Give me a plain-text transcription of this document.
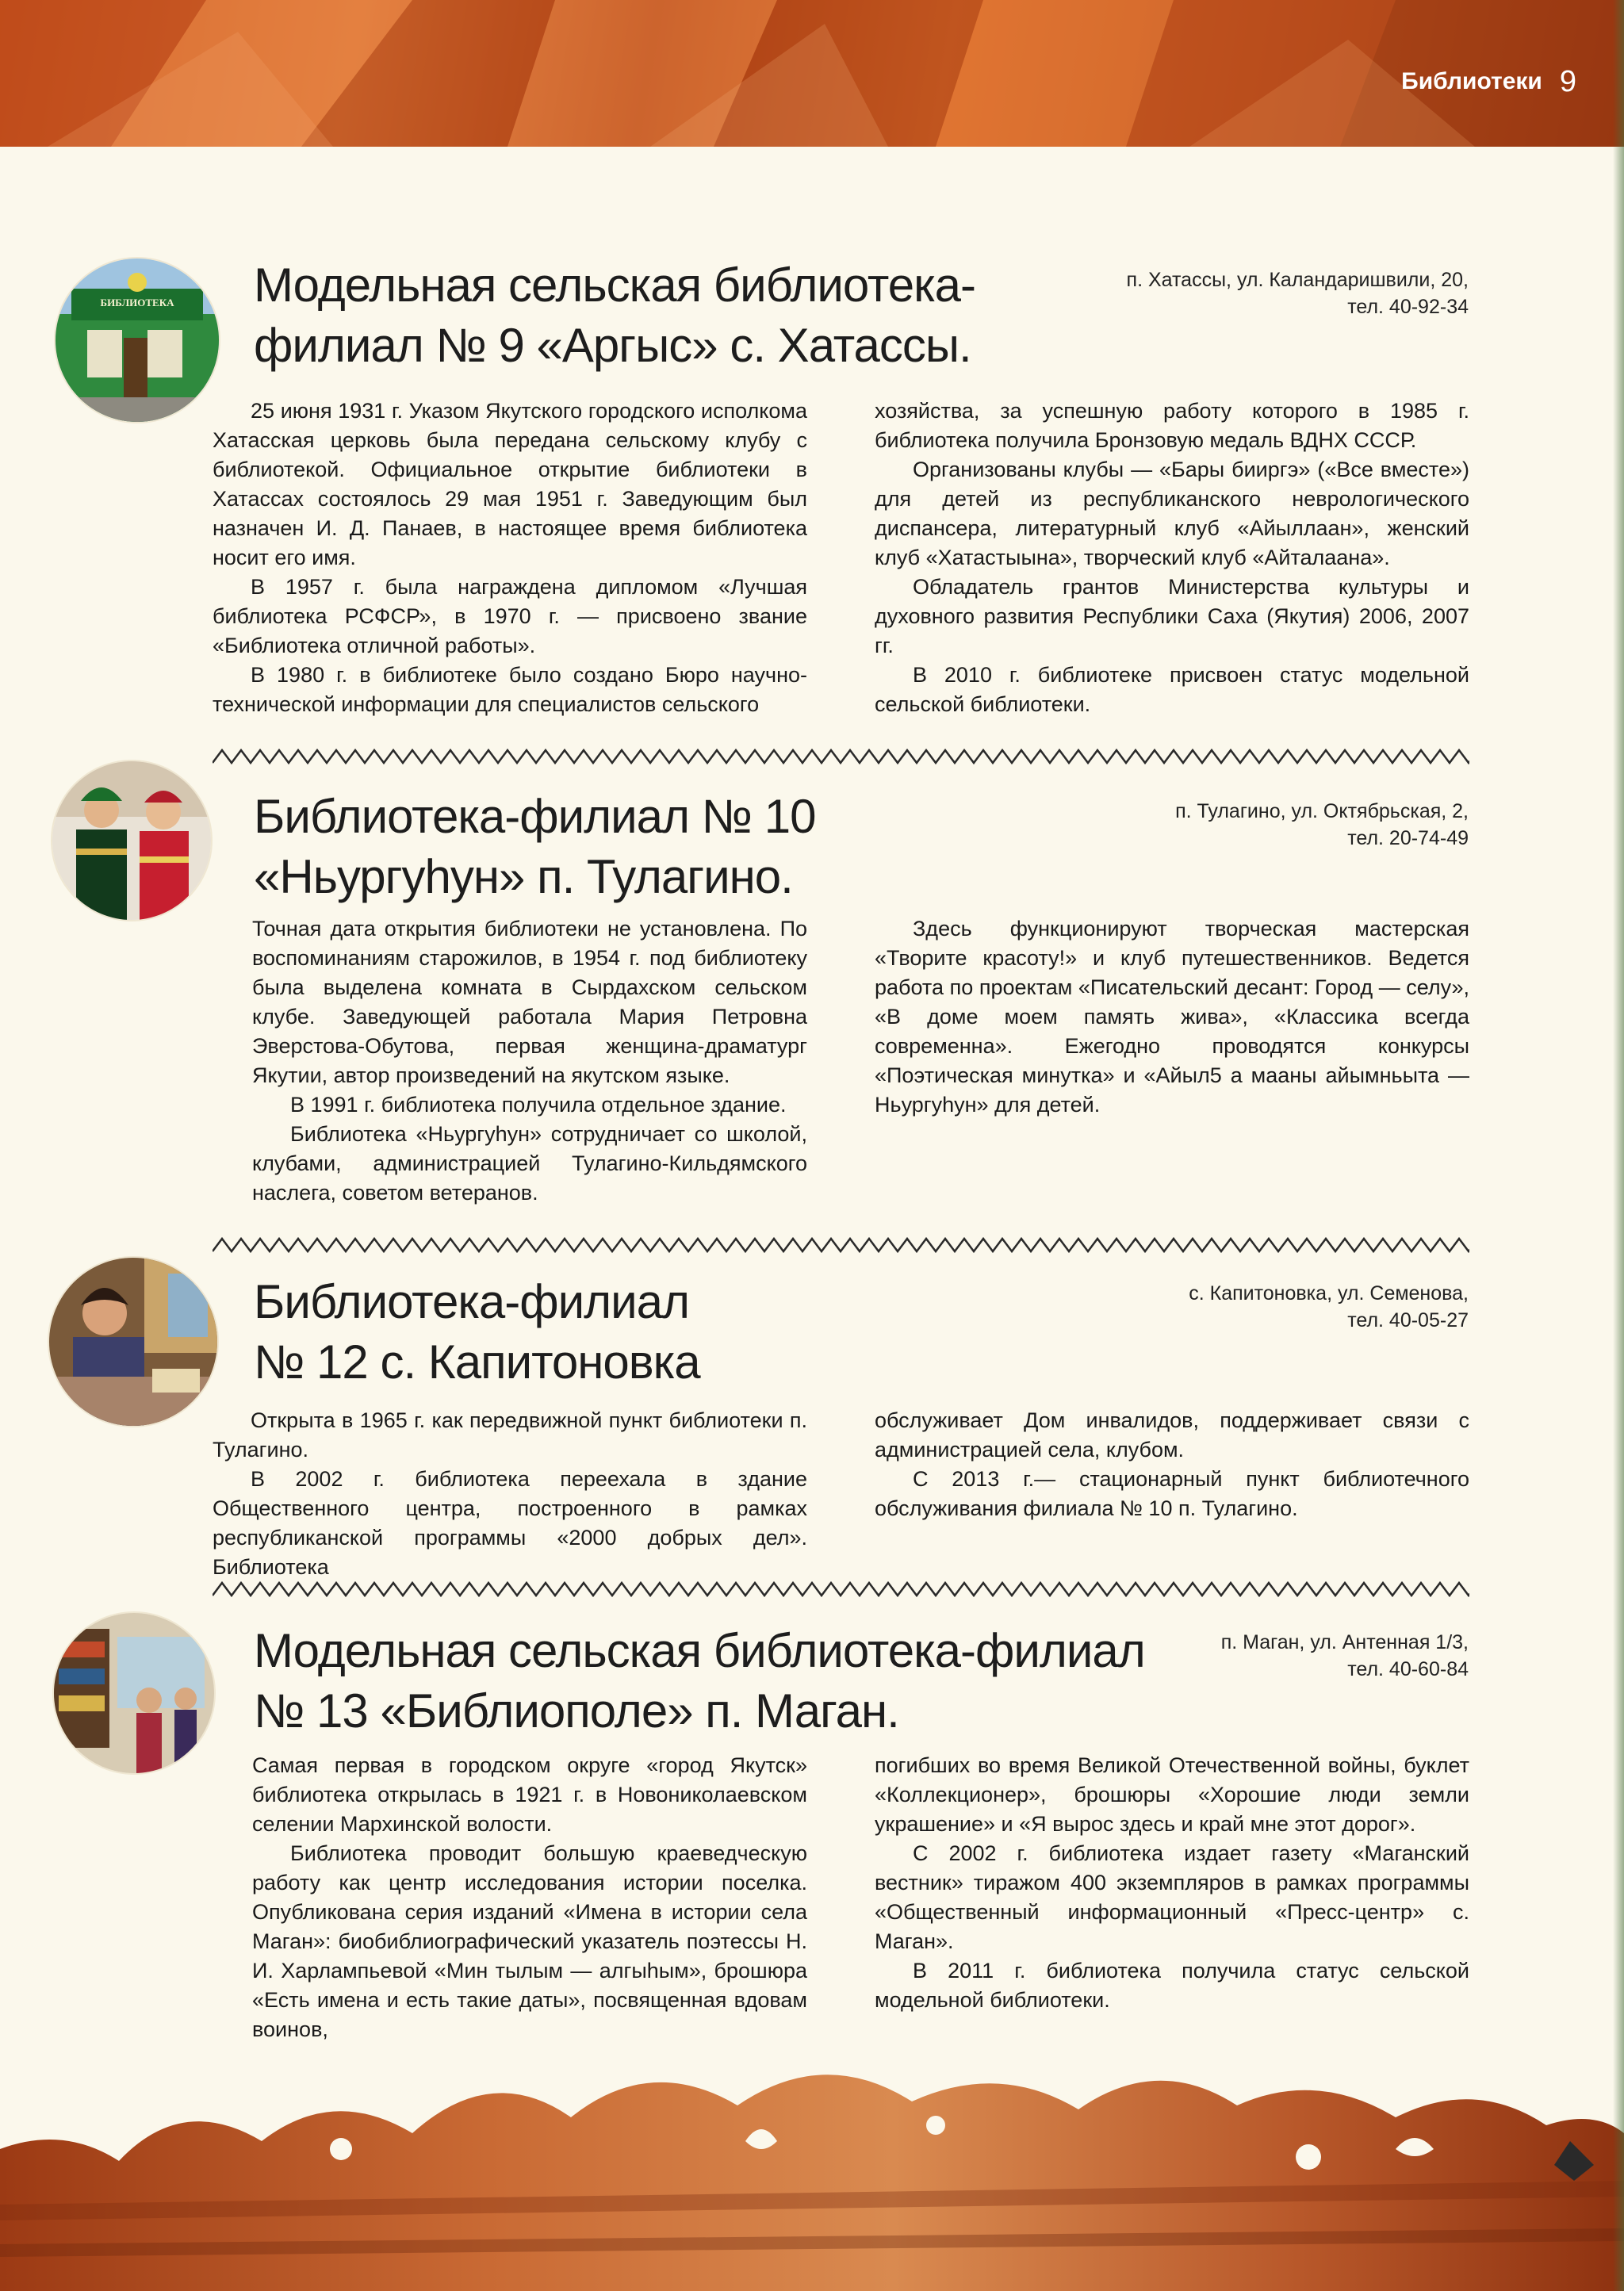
Библиотеки 9
БИБЛИОТЕКА	Модельная сельская библиотека-
филиал № 9 «Аргыс» с. Хатассы.
п. Хатассы, ул. Каландаришвили, 20,
тел. 40-92-34

25 июня 1931 г. Указом Якутского городского исполкома Хатасская церковь была передана сельскому клубу с библиотекой. Официальное открытие библиотеки в Хатассах состоялось 29 мая 1951 г. Заведующим был назначен И. Д. Панаев, в настоящее время библиотека носит его имя.

В 1957 г. была награждена дипломом «Лучшая библиотека РСФСР», в 1970 г. — присвоено звание «Библиотека отличной работы».

В 1980 г. в библиотеке было создано Бюро научно-технической информации для специалистов сельского

хозяйства, за успешную работу которого в 1985 г. библиотека получила Бронзовую медаль ВДНХ СССР.

Организованы клубы — «Бары бииргэ» («Все вместе») для детей из республиканского неврологического диспансера, литературный клуб «Айыллаан», женский клуб «Хатастыына», творческий клуб «Айталаана».

Обладатель грантов Министерства культуры и духовного развития Республики Саха (Якутия) 2006, 2007 гг.

В 2010 г. библиотеке присвоен статус модельной сельской библиотеки.

Библиотека-филиал № 10
«Ньургуһун» п. Тулагино.
п. Тулагино, ул. Октябрьская, 2,
тел. 20-74-49

Точная дата открытия библиотеки не установлена. По воспоминаниям старожилов, в 1954 г. под библиотеку была выделена комната в Сырдахском сельском клубе. Заведующей работала Мария Петровна Эверстова-Обутова, первая женщина-драматург Якутии, автор произведений на якутском языке.

В 1991 г. библиотека получила отдельное здание.

Библиотека «Ньургуһун» сотрудничает со школой, клубами, администрацией Тулагино-Кильдямского наслега, советом ветеранов.

Здесь функционируют творческая мастерская «Творите красоту!» и клуб путешественников. Ведется работа по проектам «Писательский десант: Город — селу», «В доме моем память жива», «Классика всегда современна». Ежегодно проводятся конкурсы «Поэтическая минутка» и «Айыл5 а мааны айымньыта — Ньургуһун» для детей.

Библиотека-филиал
№ 12 с. Капитоновка
с. Капитоновка, ул. Семенова,
тел. 40-05-27

Открыта в 1965 г. как передвижной пункт библиотеки п. Тулагино.

В 2002 г. библиотека переехала в здание Общественного центра, построенного в рамках республиканской программы «2000 добрых дел». Библиотека

обслуживает Дом инвалидов, поддерживает связи с администрацией села, клубом.

С 2013 г.— стационарный пункт библиотечного обслуживания филиала № 10 п. Тулагино.

Модельная сельская библиотека-филиал
№ 13 «Библиополе» п. Маган.
п. Маган, ул. Антенная 1/3,
тел. 40-60-84

Самая первая в городском округе «город Якутск» библиотека открылась в 1921 г. в Новониколаевском селении Мархинской волости.

Библиотека проводит большую краеведческую работу как центр исследования истории поселка. Опубликована серия изданий «Имена в истории села Маган»: биобиблиографический указатель поэтессы Н. И. Харлампьевой «Мин тылым — алгыһым», брошюра «Есть имена и есть такие даты», посвященная вдовам воинов,

погибших во время Великой Отечественной войны, буклет «Коллекционер», брошюры «Хорошие люди земли украшение» и «Я вырос здесь и край мне этот дорог».

С 2002 г. библиотека издает газету «Маганский вестник» тиражом 400 экземпляров в рамках программы «Общественный информационный «Пресс-центр» с. Маган».

В 2011 г. библиотека получила статус сельской модельной библиотеки.
